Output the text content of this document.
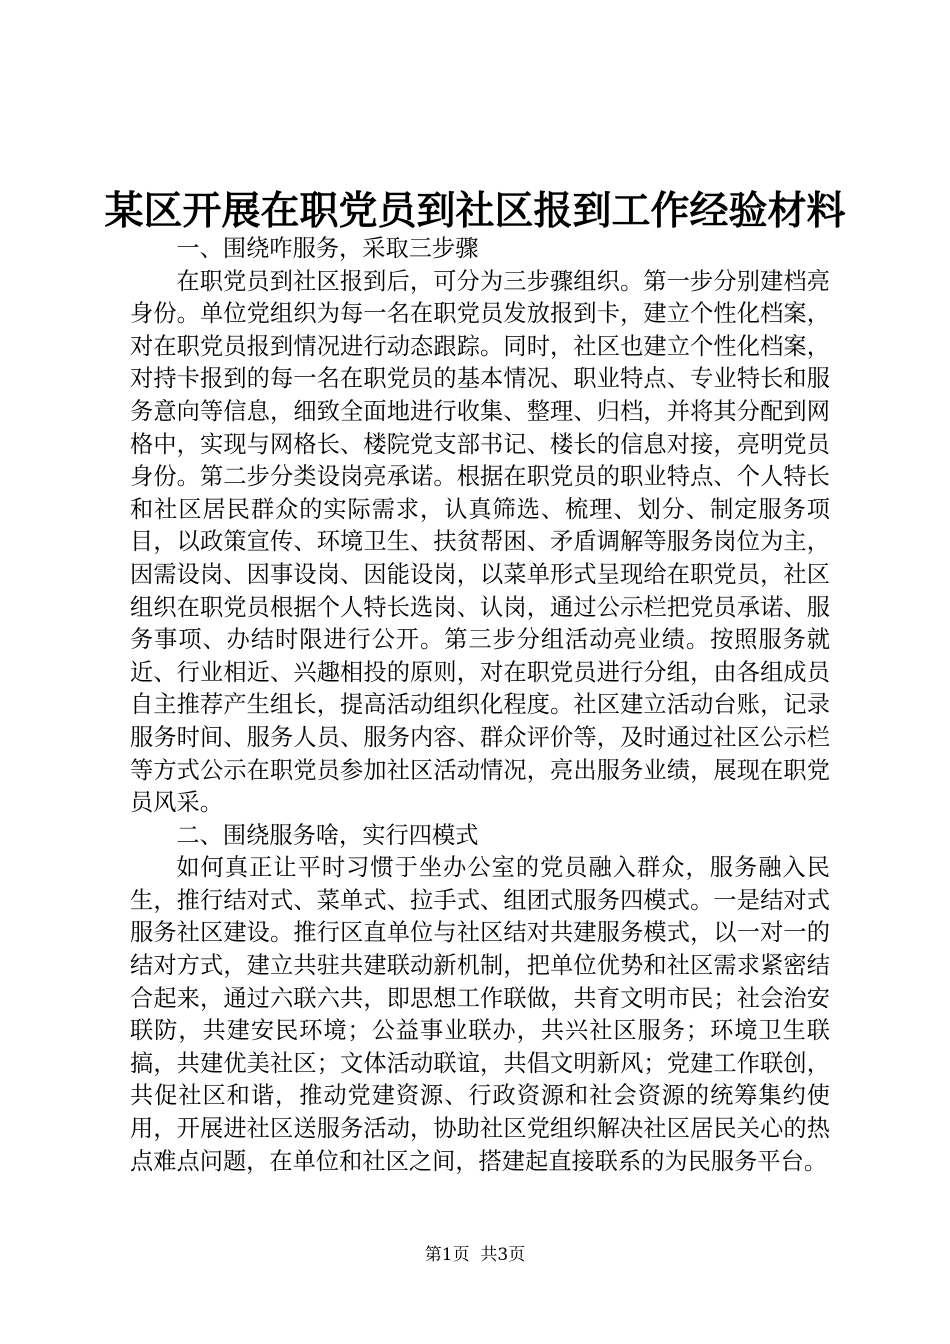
某区开展在职党员到社区报到工作经验材料

一、围绕咋服务，采取三步骤

在职党员到社区报到后，可分为三步骤组织。第一步分别建档亮身份。单位党组织为每一名在职党员发放报到卡，建立个性化档案，对在职党员报到情况进行动态跟踪。同时，社区也建立个性化档案，对持卡报到的每一名在职党员的基本情况、职业特点、专业特长和服务意向等信息，细致全面地进行收集、整理、归档，并将其分配到网格中，实现与网格长、楼院党支部书记、楼长的信息对接，亮明党员身份。第二步分类设岗亮承诺。根据在职党员的职业特点、个人特长和社区居民群众的实际需求，认真筛选、梳理、划分、制定服务项目，以政策宣传、环境卫生、扶贫帮困、矛盾调解等服务岗位为主，因需设岗、因事设岗、因能设岗，以菜单形式呈现给在职党员，社区组织在职党员根据个人特长选岗、认岗，通过公示栏把党员承诺、服务事项、办结时限进行公开。第三步分组活动亮业绩。按照服务就近、行业相近、兴趣相投的原则，对在职党员进行分组，由各组成员自主推荐产生组长，提高活动组织化程度。社区建立活动台账，记录服务时间、服务人员、服务内容、群众评价等，及时通过社区公示栏等方式公示在职党员参加社区活动情况，亮出服务业绩，展现在职党员风采。

二、围绕服务啥，实行四模式

如何真正让平时习惯于坐办公室的党员融入群众，服务融入民生，推行结对式、菜单式、拉手式、组团式服务四模式。一是结对式服务社区建设。推行区直单位与社区结对共建服务模式，以一对一的结对方式，建立共驻共建联动新机制，把单位优势和社区需求紧密结合起来，通过六联六共，即思想工作联做，共育文明市民；社会治安联防，共建安民环境；公益事业联办，共兴社区服务；环境卫生联搞，共建优美社区；文体活动联谊，共倡文明新风；党建工作联创，共促社区和谐，推动党建资源、行政资源和社会资源的统筹集约使用，开展进社区送服务活动，协助社区党组织解决社区居民关心的热点难点问题，在单位和社区之间，搭建起直接联系的为民服务平台。

第1页 共3页
